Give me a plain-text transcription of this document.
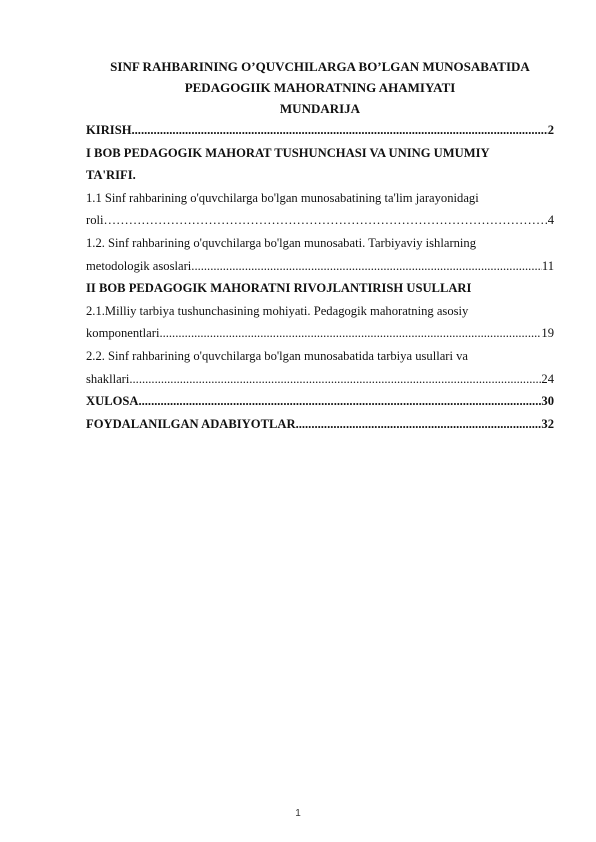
SINF RAHBARINING O’QUVCHILARGA BO’LGAN MUNOSABATIDA

PEDAGOGIIK MAHORATNING AHAMIYATI

MUNDARIJA

KIRISH .....	2
I BOB PEDAGOGIK MAHORAT TUSHUNCHASI VA UNING UMUMIY
TA'RIFI.
1.1 Sinf rahbarining o'quvchilarga bo'lgan munosabatining ta'lim jarayonidagi
roli ………………………………………………………………………………………………………………………………………………………………………………………………………………	4
1.2. Sinf rahbarining o'quvchilarga bo'lgan munosabati. Tarbiyaviy ishlarning
metodologik asoslari .....	11
II BOB PEDAGOGIK MAHORATNI RIVOJLANTIRISH USULLARI
2.1.Milliy tarbiya tushunchasining mohiyati. Pedagogik mahoratning asosiy
komponentlari .....	19
2.2. Sinf rahbarining o'quvchilarga bo'lgan munosabatida tarbiya usullari va
shakllari .....	24
XULOSA .....	30
FOYDALANILGAN ADABIYOTLAR .....	32
1
